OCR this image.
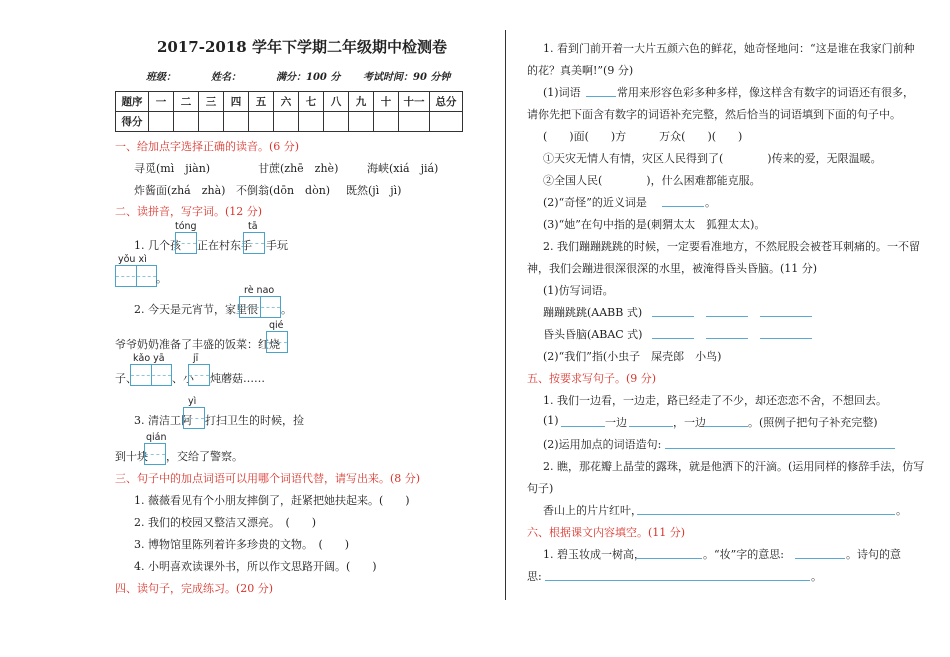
2017-2018 学年下学期二年级期中检测卷
班级：	姓名：	满分：100 分 考试时间：90 分钟
题序	一	二	三	四	五	六	七	八	九	十	十一	总分
得分												
一、给加点字选择正确的读音。(6 分)
寻觅(mì　jiàn)	甘蔗(zhē　zhè)	海峡(xiá　jiá)
炸酱面(zhá　zhà) 不倒翁(dōn　dòn) 既然(jì　jì)
二、读拼音，写字词。(12 分)
tóng	tā
1. 几个孩 正在村东手 手玩
yǒu xì
。
rè nao
2. 今天是元宵节，家里很 。
qié
爷爷奶奶准备了丰盛的饭菜：红烧
kǎo yā	jī
子、	、小 炖蘑菇……
yì
3. 清洁工阿 打扫卫生的时候，捡
qián
到十块 ，交给了警察。
三、句子中的加点词语可以用哪个词语代替，请写出来。(8 分)
1. 薇薇看见有个小朋友摔倒了，赶紧把她扶起来。(　　)
2. 我们的校园又整洁又漂亮。　(　　)
3. 博物馆里陈列着许多珍贵的文物。　(　　)
4. 小明喜欢读课外书，所以作文思路开阔。(　　)
四、读句子，完成练习。(20 分)
1. 看到门前开着一大片五颜六色的鲜花，她奇怪地问：“这是谁在我家门前种
的花？真美啊!”(9 分)
(1)词语	常用来形容色彩多种多样，像这样含有数字的词语还有很多，
请你先把下面含有数字的词语补充完整，然后恰当的词语填到下面的句子中。
(　　)面(　　)方　　　万众(　　)(　　)
①天灾无情人有情，灾区人民得到了(　　　　)传来的爱，无限温暖。
②全国人民(　　　　)，什么困难都能克服。
(2)“奇怪”的近义词是	。
(3)“她”在句中指的是(刺猬太太　狐狸太太)。
2. 我们蹦蹦跳跳的时候，一定要看准地方，不然屁股会被苍耳刺痛的。一不留
神，我们会蹦进很深很深的水里，被淹得昏头昏脑。(11 分)
(1)仿写词语。
蹦蹦跳跳(AABB 式)
昏头昏脑(ABAC 式)
(2)“我们”指(小虫子　屎壳郎　小鸟)
五、按要求写句子。(9 分)
1. 我们一边看，一边走，路已经走了不少，却还恋恋不舍，不想回去。
(1)	一边	，一边	。(照例子把句子补充完整)
(2)运用加点的词语造句:
2. 瞧，那花瓣上晶莹的露珠，就是他洒下的汗滴。(运用同样的修辞手法，仿写
句子)
香山上的片片红叶，	。
六、根据课文内容填空。(11 分)
1. 碧玉妆成一树高，	。“妆”字的意思:	。诗句的意
思:	。
